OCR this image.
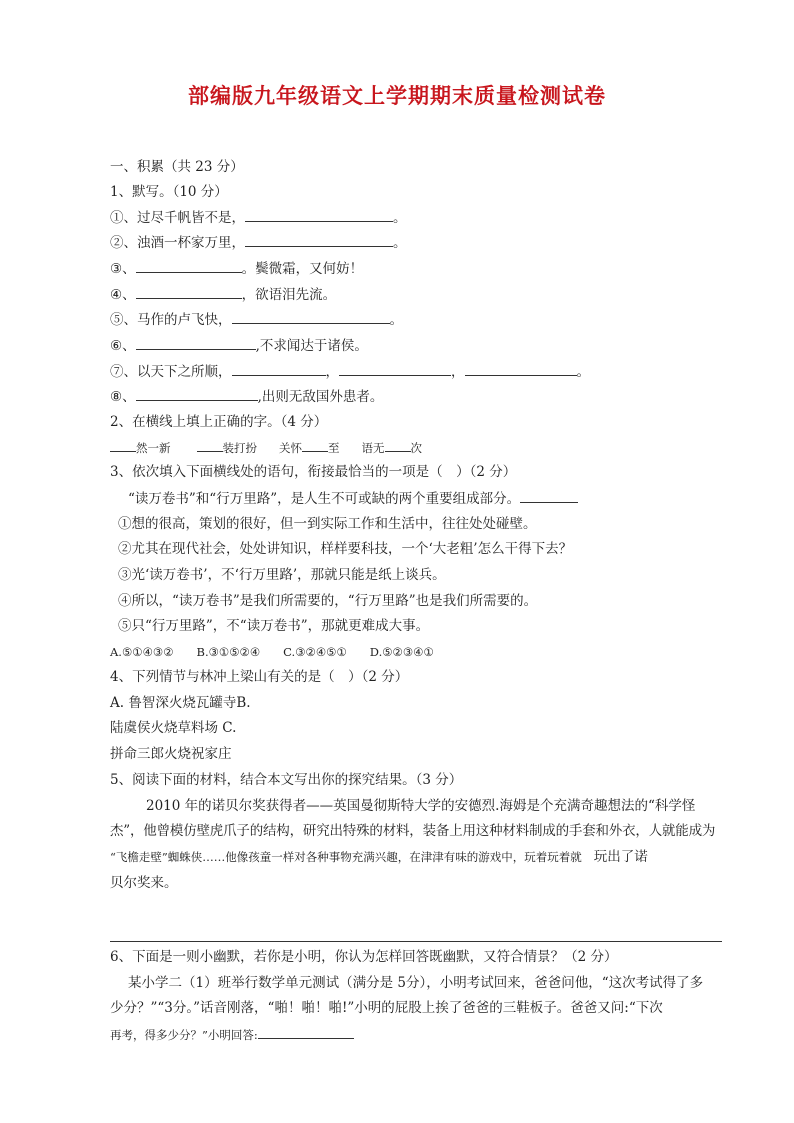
部编版九年级语文上学期期末质量检测试卷
一、积累（共 23 分）
1、默写。（10 分）
①、过尽千帆皆不是，	。
②、浊酒一杯家万里，	。
③、	。鬓微霜，又何妨！
④、	，欲语泪先流。
⑤、马作的卢飞快，	。
⑥、	,不求闻达于诸侯。
⑦、以天下之所顺，	，	，	。
⑧、	,出则无敌国外患者。
2、在横线上填上正确的字。（4 分）
然一新	装打扮 关怀 至 语无 次
3、依次填入下面横线处的语句，衔接最恰当的一项是（　）（2 分）
“读万卷书”和“行万里路”，是人生不可或缺的两个重要组成部分。
①想的很高，策划的很好，但一到实际工作和生活中，往往处处碰壁。
②尤其在现代社会，处处讲知识，样样要科技，一个‘大老粗’怎么干得下去？
③光‘读万卷书’，不‘行万里路’，那就只能是纸上谈兵。
④所以，“读万卷书”是我们所需要的，“行万里路”也是我们所需要的。
⑤只“行万里路”，不“读万卷书”，那就更难成大事。
A.⑤①④③②　　B.③①⑤②④　　C.③②④⑤①　　D.⑤②③④①
4、下列情节与林冲上梁山有关的是（　）（2 分）
A. 鲁智深火烧瓦罐寺B.
陆虞侯火烧草料场 C.
拼命三郎火烧祝家庄
5、阅读下面的材料，结合本文写出你的探究结果。（3 分）
2010 年的诺贝尔奖获得者——英国曼彻斯特大学的安德烈.海姆是个充满奇趣想法的“科学怪
杰”，他曾模仿壁虎爪子的结构，研究出特殊的材料，装备上用这种材料制成的手套和外衣，人就能成为
“飞檐走壁”蜘蛛侠……他像孩童一样对各种事物充满兴趣，在津津有味的游戏中，玩着玩着就 玩出了诺
贝尔奖来。
6、下面是一则小幽默，若你是小明，你认为怎样回答既幽默，又符合情景？（2 分）
某小学二（1）班举行数学单元测试（满分是 5分），小明考试回来，爸爸问他，“这次考试得了多
少分？”“3分。”话音刚落，“啪！啪！啪!”小明的屁股上挨了爸爸的三鞋板子。爸爸又问:“下次
再考，得多少分？”小明回答:
